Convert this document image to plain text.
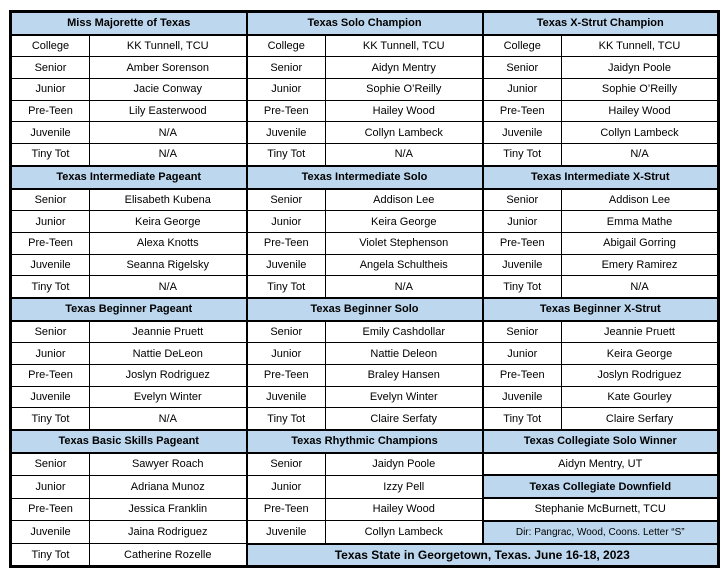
Miss Majorette of Texas		Texas Solo Champion		Texas X-Strut Champion	
College	KK Tunnell, TCU	College	KK Tunnell, TCU	College	KK Tunnell, TCU
Senior	Amber Sorenson	Senior	Aidyn Mentry	Senior	Jaidyn Poole
Junior	Jacie Conway	Junior	Sophie O’Reilly	Junior	Sophie O’Reilly
Pre-Teen	Lily Easterwood	Pre-Teen	Hailey Wood	Pre-Teen	Hailey Wood
Juvenile	N/A	Juvenile	Collyn Lambeck	Juvenile	Collyn Lambeck
Tiny Tot	N/A	Tiny Tot	N/A	Tiny Tot	N/A
Texas Intermediate Pageant		Texas Intermediate Solo		Texas Intermediate X-Strut	
Senior	Elisabeth Kubena	Senior	Addison Lee	Senior	Addison Lee
Junior	Keira George	Junior	Keira George	Junior	Emma Mathe
Pre-Teen	Alexa Knotts	Pre-Teen	Violet Stephenson	Pre-Teen	Abigail Gorring
Juvenile	Seanna Rigelsky	Juvenile	Angela Schultheis	Juvenile	Emery Ramirez
Tiny Tot	N/A	Tiny Tot	N/A	Tiny Tot	N/A
Texas Beginner Pageant		Texas Beginner Solo		Texas Beginner X-Strut	
Senior	Jeannie Pruett	Senior	Emily Cashdollar	Senior	Jeannie Pruett
Junior	Nattie DeLeon	Junior	Nattie Deleon	Junior	Keira George
Pre-Teen	Joslyn Rodriguez	Pre-Teen	Braley Hansen	Pre-Teen	Joslyn Rodriguez
Juvenile	Evelyn Winter	Juvenile	Evelyn Winter	Juvenile	Kate Gourley
Tiny Tot	N/A	Tiny Tot	Claire Serfaty	Tiny Tot	Claire Serfary
Texas Basic Skills Pageant		Texas Rhythmic Champions		Texas Collegiate Solo Winner	
Senior	Sawyer Roach	Senior	Jaidyn Poole	Aidyn Mentry, UT	
Junior	Adriana Munoz	Junior	Izzy Pell	Texas Collegiate Downfield	
Pre-Teen	Jessica Franklin	Pre-Teen	Hailey Wood	Stephanie McBurnett, TCU	
Juvenile	Jaina Rodriguez	Juvenile	Collyn Lambeck	Dir: Pangrac, Wood, Coons. Letter “S”	
Tiny Tot	Catherine Rozelle	Texas State in Georgetown, Texas. June 16-18, 2023			
